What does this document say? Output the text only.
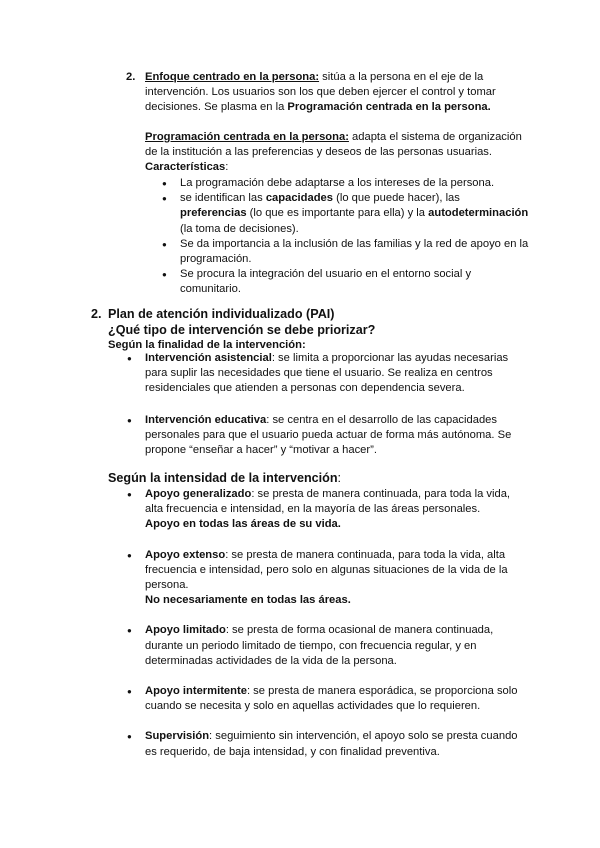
2. Enfoque centrado en la persona: sitúa a la persona en el eje de la
intervención. Los usuarios son los que deben ejercer el control y tomar
decisiones. Se plasma en la Programación centrada en la persona.
Programación centrada en la persona: adapta el sistema de organización
de la institución a las preferencias y deseos de las personas usuarias.
Características:
● La programación debe adaptarse a los intereses de la persona.
● se identifican las capacidades (lo que puede hacer), las
preferencias (lo que es importante para ella) y la autodeterminación
(la toma de decisiones).
● Se da importancia a la inclusión de las familias y la red de apoyo en la
programación.
● Se procura la integración del usuario en el entorno social y
comunitario.
2. Plan de atención individualizado (PAI)
¿Qué tipo de intervención se debe priorizar?
Según la finalidad de la intervención:
● Intervención asistencial: se limita a proporcionar las ayudas necesarias
para suplir las necesidades que tiene el usuario. Se realiza en centros
residenciales que atienden a personas con dependencia severa.
● Intervención educativa: se centra en el desarrollo de las capacidades
personales para que el usuario pueda actuar de forma más autónoma. Se
propone “enseñar a hacer” y “motivar a hacer”.
Según la intensidad de la intervención:
● Apoyo generalizado: se presta de manera continuada, para toda la vida,
alta frecuencia e intensidad, en la mayoría de las áreas personales.
Apoyo en todas las áreas de su vida.
● Apoyo extenso: se presta de manera continuada, para toda la vida, alta
frecuencia e intensidad, pero solo en algunas situaciones de la vida de la
persona.
No necesariamente en todas las áreas.
● Apoyo limitado: se presta de forma ocasional de manera continuada,
durante un periodo limitado de tiempo, con frecuencia regular, y en
determinadas actividades de la vida de la persona.
● Apoyo intermitente: se presta de manera esporádica, se proporciona solo
cuando se necesita y solo en aquellas actividades que lo requieren.
● Supervisión: seguimiento sin intervención, el apoyo solo se presta cuando
es requerido, de baja intensidad, y con finalidad preventiva.
